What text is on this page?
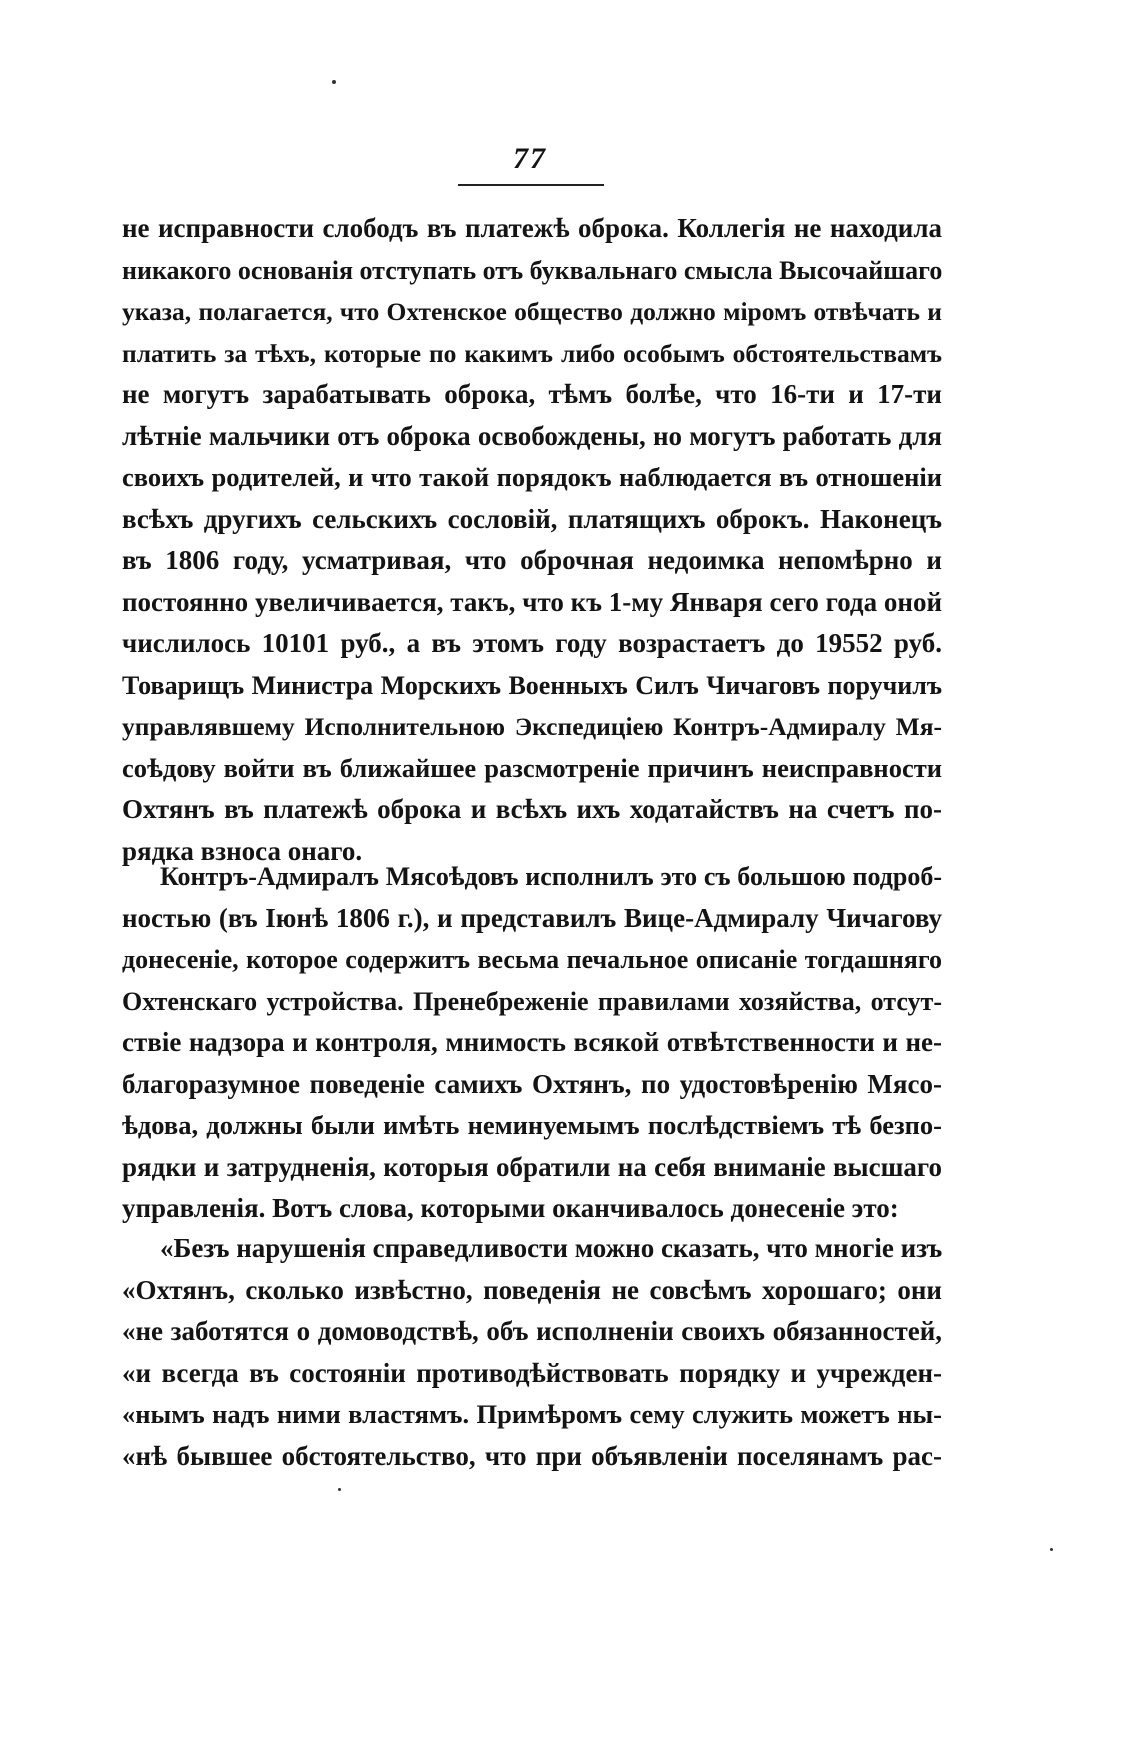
77
не исправности слободъ въ платежѣ оброка. Коллегія не находила
никакого основанія отступать отъ буквальнаго смысла Высочайшаго
указа, полагается, что Охтенское общество должно міромъ отвѣчать и
платить за тѣхъ, которые по какимъ либо особымъ обстоятельствамъ
не могутъ зарабатывать оброка, тѣмъ болѣе, что 16-ти и 17-ти
лѣтніе мальчики отъ оброка освобождены, но могутъ работать для
своихъ родителей, и что такой порядокъ наблюдается въ отношеніи
всѣхъ другихъ сельскихъ сословій, платящихъ оброкъ. Наконецъ
въ 1806 году, усматривая, что оброчная недоимка непомѣрно и
постоянно увеличивается, такъ, что къ 1-му Января сего года оной
числилось 10101 руб., а въ этомъ году возрастаетъ до 19552 руб.
Товарищъ Министра Морскихъ Военныхъ Силъ Чичаговъ поручилъ
управлявшему Исполнительною Экспедиціею Контръ-Адмиралу Мя-
соѣдову войти въ ближайшее разсмотреніе причинъ неисправности
Охтянъ въ платежѣ оброка и всѣхъ ихъ ходатайствъ на счетъ по-
рядка взноса онаго.
Контръ-Адмиралъ Мясоѣдовъ исполнилъ это съ большою подроб-
ностью (въ Іюнѣ 1806 г.), и представилъ Вице-Адмиралу Чичагову
донесеніе, которое содержитъ весьма печальное описаніе тогдашняго
Охтенскаго устройства. Пренебреженіе правилами хозяйства, отсут-
ствіе надзора и контроля, мнимость всякой отвѣтственности и не-
благоразумное поведеніе самихъ Охтянъ, по удостовѣренію Мясо-
ѣдова, должны были имѣть неминуемымъ послѣдствіемъ тѣ безпо-
рядки и затрудненія, которыя обратили на себя вниманіе высшаго
управленія. Вотъ слова, которыми оканчивалось донесеніе это:
«Безъ нарушенія справедливости можно сказать, что многіе изъ
«Охтянъ, сколько извѣстно, поведенія не совсѣмъ хорошаго; они
«не заботятся о домоводствѣ, объ исполненіи своихъ обязанностей,
«и всегда въ состояніи противодѣйствовать порядку и учрежден-
«нымъ надъ ними властямъ. Примѣромъ сему служить можетъ ны-
«нѣ бывшее обстоятельство, что при объявленіи поселянамъ рас-
